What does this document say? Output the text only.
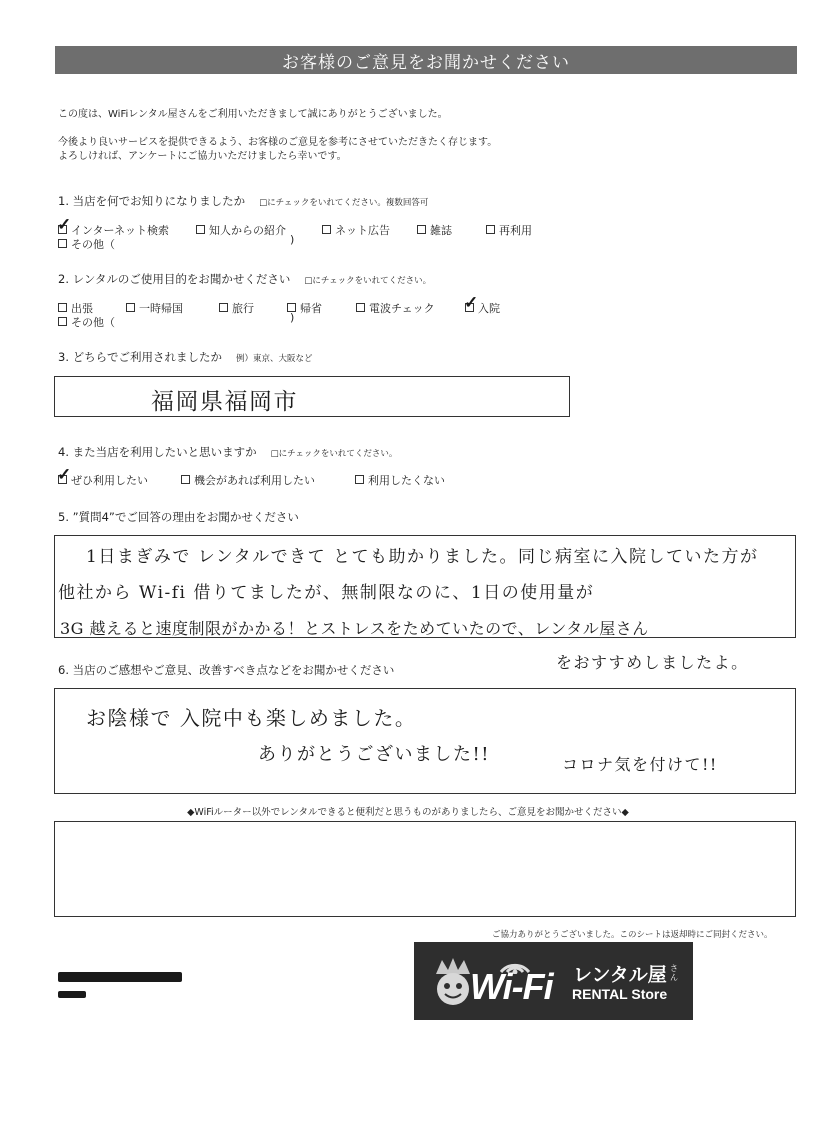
お客様のご意見をお聞かせください
この度は、WiFiレンタル屋さんをご利用いただきまして誠にありがとうございました。
今後より良いサービスを提供できるよう、お客様のご意見を参考にさせていただきたく存じます。
よろしければ、アンケートにご協力いただけましたら幸いです。
1. 当店を何でお知りになりましたか □にチェックをいれてください。複数回答可
✓ インターネット検索	知人からの紹介	ネット広告	雑誌	再利用
その他（	)
2. レンタルのご使用目的をお聞かせください □にチェックをいれてください。
出張	一時帰国	旅行	帰省	電波チェック ✓ 入院
その他（	)
3. どちらでご利用されましたか 例）東京、大阪など
福岡県福岡市
4. また当店を利用したいと思いますか □にチェックをいれてください。
✓ ぜひ利用したい	機会があれば利用したい	利用したくない
5. ”質問4”でご回答の理由をお聞かせください
1日まぎみで レンタルできて とても助かりました。同じ病室に入院していた方が
他社から Wi-fi 借りてましたが、無制限なのに、1日の使用量が
3G 越えると速度制限がかかる！とストレスをためていたので、レンタル屋さん
をおすすめしましたよ。
6. 当店のご感想やご意見、改善すべき点などをお聞かせください
お陰様で 入院中も楽しめました。
ありがとうございました!!	コロナ気を付けて!!
◆WiFiルーター以外でレンタルできると便利だと思うものがありましたら、ご意見をお聞かせください◆
ご協力ありがとうございました。このシートは返却時にご同封ください。
Wi-Fi レンタル屋 さん
RENTAL Store
